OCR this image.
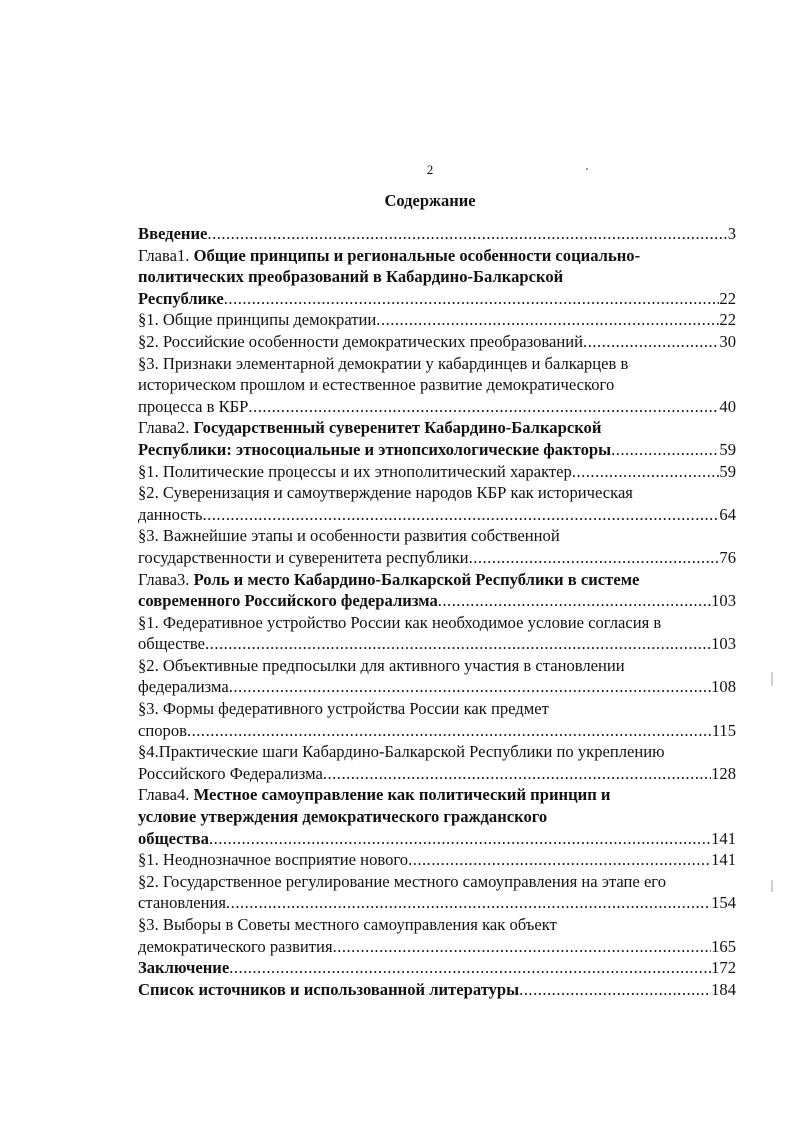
2
Содержание
Введение .....	3
Глава1. Общие принципы и региональные особенности социально-
политических преобразований в Кабардино-Балкарской
Республике .....	22
§1. Общие принципы демократии .....	22
§2. Российские особенности демократических преобразований .....	30
§3. Признаки элементарной демократии у кабардинцев и балкарцев в
историческом прошлом и естественное развитие демократического
процесса в КБР .....	40
Глава2. Государственный суверенитет Кабардино-Балкарской
Республики: этносоциальные и этнопсихологические факторы .....	59
§1. Политические процессы и их этнополитический характер .....	59
§2. Суверенизация и самоутверждение народов КБР как историческая
данность .....	64
§3. Важнейшие этапы и особенности развития собственной
государственности и суверенитета республики .....	76
Глава3. Роль и место Кабардино-Балкарской Республики в системе
современного Российского федерализма .....	103
§1. Федеративное устройство России как необходимое условие согласия в
обществе .....	103
§2. Объективные предпосылки для активного участия в становлении
федерализма .....	108
§3. Формы федеративного устройства России как предмет
споров .....	115
§4.Практические шаги Кабардино-Балкарской Республики по укреплению
Российского Федерализма .....	128
Глава4. Местное самоуправление как политический принцип и
условие утверждения демократического гражданского
общества .....	141
§1. Неоднозначное восприятие нового .....	141
§2. Государственное регулирование местного самоуправления на этапе его
становления .....	154
§3. Выборы в Советы местного самоуправления как объект
демократического развития .....	165
Заключение .....	172
Список источников и использованной литературы .....	184
